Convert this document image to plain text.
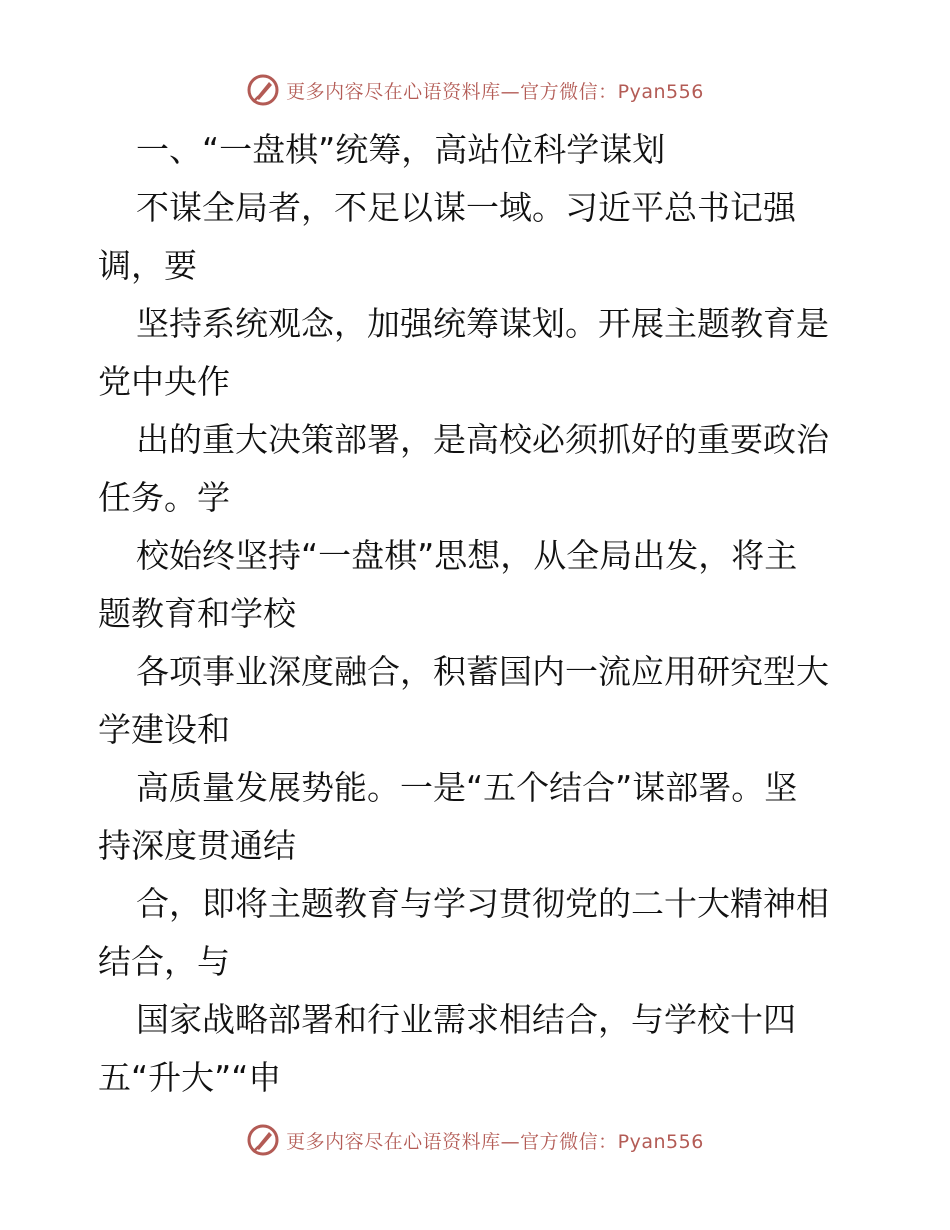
更多内容尽在心语资料库—官方微信：Pyan556
一、“一盘棋”统筹，高站位科学谋划
不谋全局者，不足以谋一域。习近平总书记强
调，要
坚持系统观念，加强统筹谋划。开展主题教育是
党中央作
出的重大决策部署，是高校必须抓好的重要政治
任务。学
校始终坚持“一盘棋”思想，从全局出发，将主
题教育和学校
各项事业深度融合，积蓄国内一流应用研究型大
学建设和
高质量发展势能。一是“五个结合”谋部署。坚
持深度贯通结
合，即将主题教育与学习贯彻党的二十大精神相
结合，与
国家战略部署和行业需求相结合，与学校十四
五“升大”“申
更多内容尽在心语资料库—官方微信：Pyan556
